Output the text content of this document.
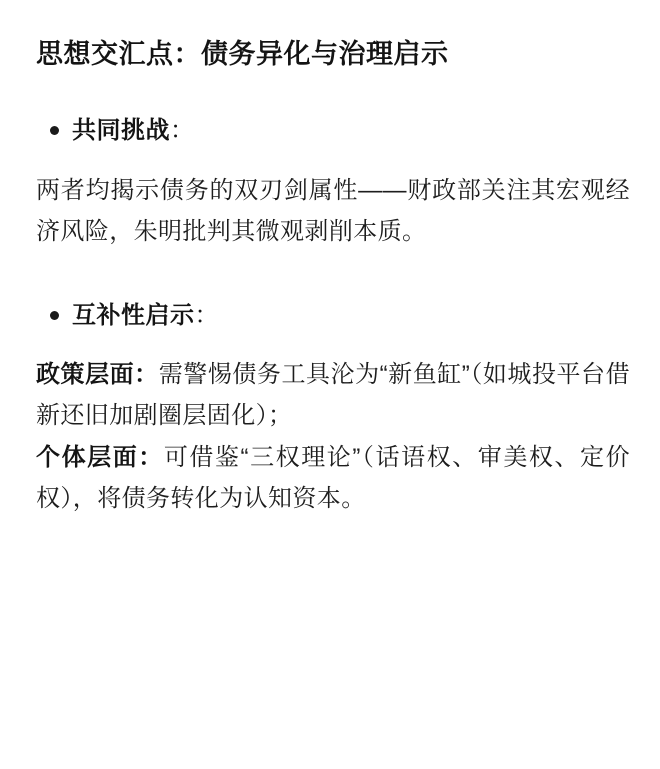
思想交汇点：债务异化与治理启示
共同挑战：

两者均揭示债务的双刃剑属性——财政部关注其宏观经济风险，朱明批判其微观剥削本质。

互补性启示：

政策层面：需警惕债务工具沦为“新鱼缸”（如城投平台借新还旧加剧圈层固化）；
个体层面：可借鉴“三权理论”（话语权、审美权、定价权），将债务转化为认知资本。
